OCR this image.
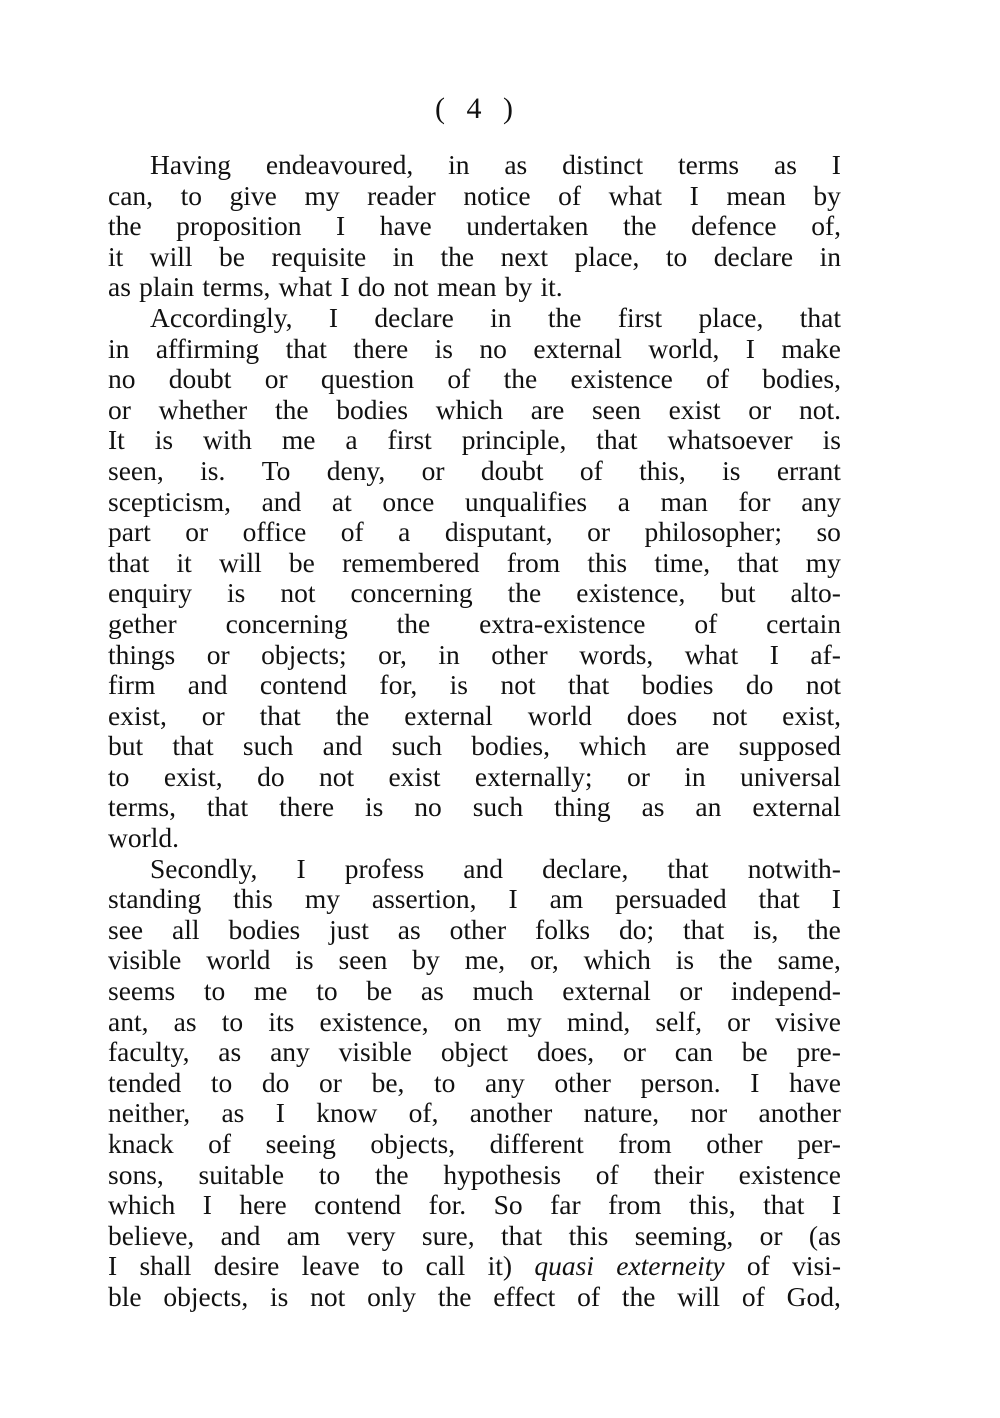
( 4 )
Having endeavoured, in as distinct terms as I
can, to give my reader notice of what I mean by
the proposition I have undertaken the defence of,
it will be requisite in the next place, to declare in
as plain terms, what I do not mean by it.
Accordingly, I declare in the first place, that
in affirming that there is no external world, I make
no doubt or question of the existence of bodies,
or whether the bodies which are seen exist or not.
It is with me a first principle, that whatsoever is
seen, is. To deny, or doubt of this, is errant
scepticism, and at once unqualifies a man for any
part or office of a disputant, or philosopher; so
that it will be remembered from this time, that my
enquiry is not concerning the existence, but alto-
gether concerning the extra-existence of certain
things or objects; or, in other words, what I af-
firm and contend for, is not that bodies do not
exist, or that the external world does not exist,
but that such and such bodies, which are supposed
to exist, do not exist externally; or in universal
terms, that there is no such thing as an external
world.
Secondly, I profess and declare, that notwith-
standing this my assertion, I am persuaded that I
see all bodies just as other folks do; that is, the
visible world is seen by me, or, which is the same,
seems to me to be as much external or independ-
ant, as to its existence, on my mind, self, or visive
faculty, as any visible object does, or can be pre-
tended to do or be, to any other person. I have
neither, as I know of, another nature, nor another
knack of seeing objects, different from other per-
sons, suitable to the hypothesis of their existence
which I here contend for. So far from this, that I
believe, and am very sure, that this seeming, or (as
I shall desire leave to call it) quasi externeity of visi-
ble objects, is not only the effect of the will of God,
